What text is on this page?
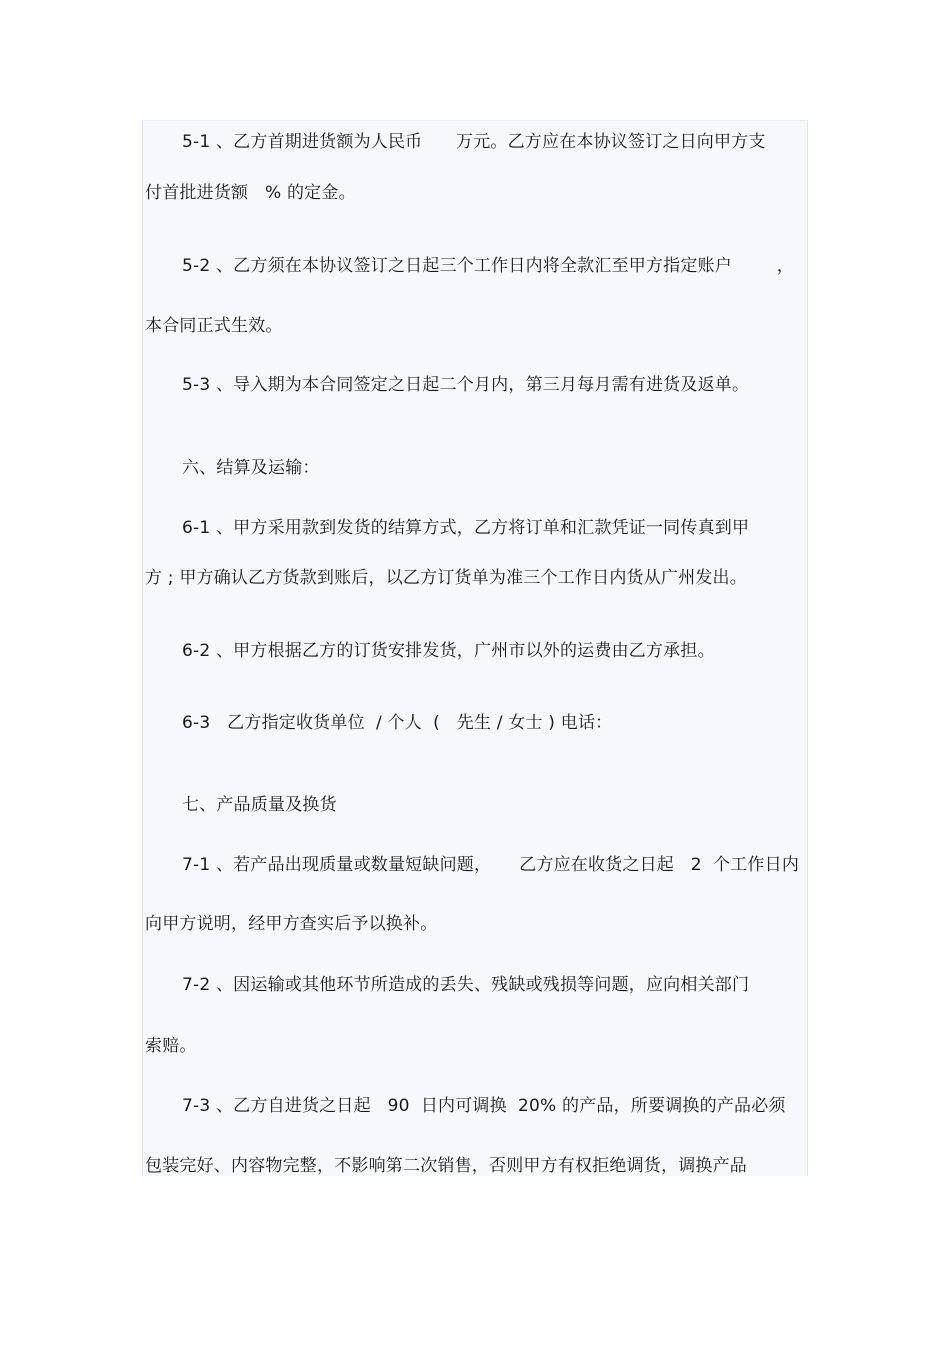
5-1 、乙方首期进货额为人民币      万元。乙方应在本协议签订之日向甲方支
付首批进货额   % 的定金。
5-2 、乙方须在本协议签订之日起三个工作日内将全款汇至甲方指定账户        ，
本合同正式生效。
5-3 、导入期为本合同签定之日起二个月内，第三月每月需有进货及返单。
六、结算及运输：
6-1 、甲方采用款到发货的结算方式，乙方将订单和汇款凭证一同传真到甲
方 ; 甲方确认乙方货款到账后，以乙方订货单为准三个工作日内货从广州发出。
6-2 、甲方根据乙方的订货安排发货，广州市以外的运费由乙方承担。
6-3   乙方指定收货单位  / 个人  (   先生 / 女士 ) 电话：
七、产品质量及换货
7-1 、若产品出现质量或数量短缺问题，     乙方应在收货之日起   2  个工作日内
向甲方说明，经甲方查实后予以换补。
7-2 、因运输或其他环节所造成的丢失、残缺或残损等问题，应向相关部门
索赔。
7-3 、乙方自进货之日起   90  日内可调换  20% 的产品，所要调换的产品必须
包装完好、内容物完整，不影响第二次销售，否则甲方有权拒绝调货，调换产品
